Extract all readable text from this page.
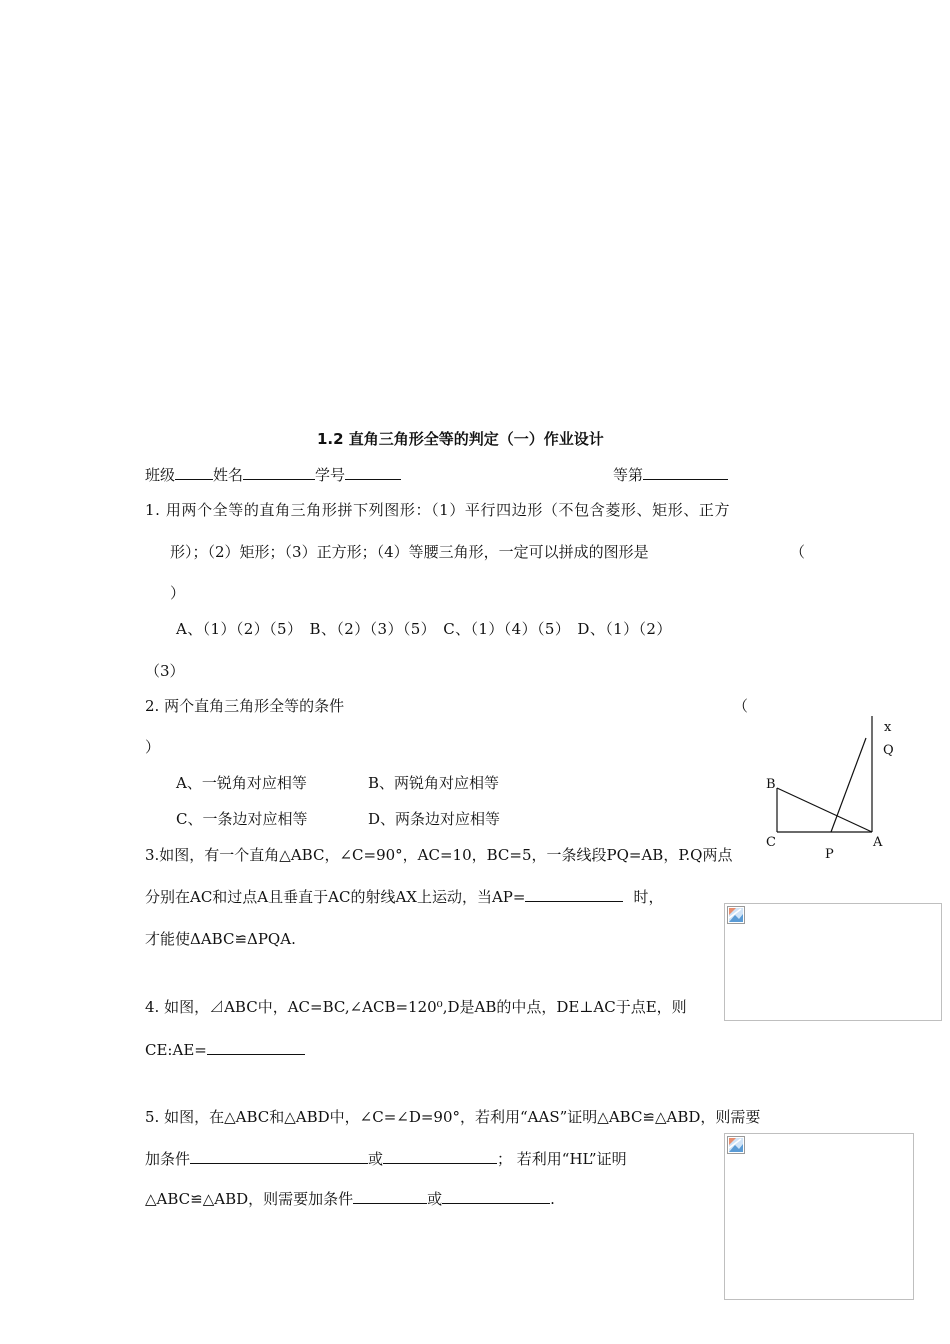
1.2 直角三角形全等的判定（一）作业设计
班级	姓名	学号	等第
1. 用两个全等的直角三角形拼下列图形：（1）平行四边形（不包含菱形、矩形、正方
形）；（2）矩形；（3）正方形；（4）等腰三角形，一定可以拼成的图形是	（
）
A、（1）（2）（5） B、（2）（3）（5） C、（1）（4）（5） D、（1）（2）
（3）
2. 两个直角三角形全等的条件	（
）
A、一锐角对应相等	B、两锐角对应相等
C、一条边对应相等	D、两条边对应相等
x
Q
B
C	A
P
3.如图，有一个直角△ABC，∠C=90°，AC=10，BC=5，一条线段PQ=AB，P.Q两点
分别在AC和过点A且垂直于AC的射线AX上运动，当AP=	时，
才能使ΔABC≌ΔPQA.
4. 如图，⊿ABC中，AC=BC,∠ACB=120⁰,D是AB的中点，DE⊥AC于点E，则
CE:AE=
5. 如图，在△ABC和△ABD中，∠C=∠D=90°，若利用“AAS”证明△ABC≌△ABD，则需要
加条件	或	； 若利用“HL”证明
△ABC≌△ABD，则需要加条件	或	.
